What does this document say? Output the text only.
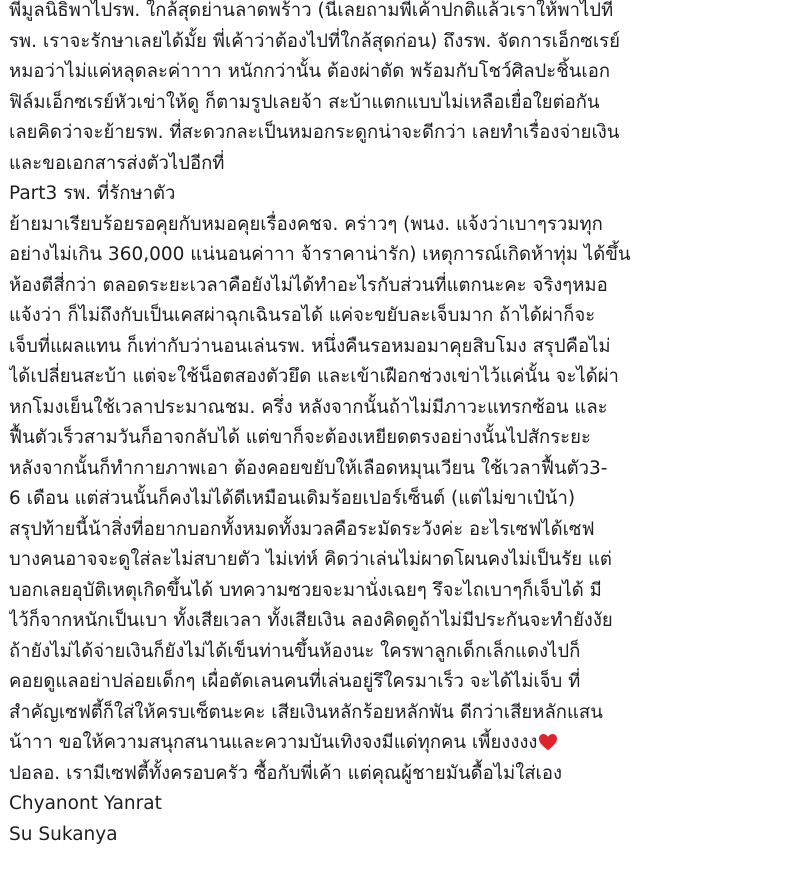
พี่มูลนิธิพาไปรพ. ใกล้สุดย่านลาดพร้าว (นี่เลยถามพี่เค้าปกติแล้วเราให้พาไปที่
รพ. เราจะรักษาเลยได้มั้ย พี่เค้าว่าต้องไปที่ใกล้สุดก่อน) ถึงรพ. จัดการเอ็กซเรย์
หมอว่าไม่แค่หลุดละค่าาาา หนักกว่านั้น ต้องผ่าตัด พร้อมกับโชว์ศิลปะชิ้นเอก
ฟิล์มเอ็กซเรย์หัวเข่าให้ดู ก็ตามรูปเลยจ้า สะบ้าแตกแบบไม่เหลือเยื่อใยต่อกัน
เลยคิดว่าจะย้ายรพ. ที่สะดวกละเป็นหมอกระดูกน่าจะดีกว่า เลยทำเรื่องจ่ายเงิน
และขอเอกสารส่งตัวไปอีกที่
Part3 รพ. ที่รักษาตัว
ย้ายมาเรียบร้อยรอคุยกับหมอคุยเรื่องคชจ. คร่าวๆ (พนง. แจ้งว่าเบาๆรวมทุก
อย่างไม่เกิน 360,000 แน่นอนค่าาา จ้าราคาน่ารัก) เหตุการณ์เกิดห้าทุ่ม ได้ขึ้น
ห้องตีสี่กว่า ตลอดระยะเวลาคือยังไม่ได้ทำอะไรกับส่วนที่แตกนะคะ จริงๆหมอ
แจ้งว่า ก็ไม่ถึงกับเป็นเคสผ่าฉุกเฉินรอได้ แค่จะขยับละเจ็บมาก ถ้าได้ผ่าก็จะ
เจ็บที่แผลแทน ก็เท่ากับว่านอนเล่นรพ. หนึ่งคืนรอหมอมาคุยสิบโมง สรุปคือไม่
ได้เปลี่ยนสะบ้า แต่จะใช้น็อตสองตัวยึด และเข้าเฝือกช่วงเข่าไว้แค่นั้น จะได้ผ่า
หกโมงเย็นใช้เวลาประมาณชม. ครึ่ง หลังจากนั้นถ้าไม่มีภาวะแทรกซ้อน และ
ฟื้นตัวเร็วสามวันก็อาจกลับได้ แต่ขาก็จะต้องเหยียดตรงอย่างนั้นไปสักระยะ
หลังจากนั้นก็ทำกายภาพเอา ต้องคอยขยับให้เลือดหมุนเวียน ใช้เวลาฟื้นตัว3-
6 เดือน แต่ส่วนนั้นก็คงไม่ได้ดีเหมือนเดิมร้อยเปอร์เซ็นต์ (แต่ไม่ขาเป๋น้า)
สรุปท้ายนี้น้าสิ่งที่อยากบอกทั้งหมดทั้งมวลคือระมัดระวังค่ะ อะไรเซฟได้เซฟ
บางคนอาจจะดูใส่ละไม่สบายตัว ไม่เท่ห์ คิดว่าเล่นไม่ผาดโผนคงไม่เป็นรัย แต่
บอกเลยอุบัติเหตุเกิดขึ้นได้ บทความซวยจะมานั่งเฉยๆ รึจะไถเบาๆก็เจ็บได้ มี
ไว้ก็จากหนักเป็นเบา ทั้งเสียเวลา ทั้งเสียเงิน ลองคิดดูถ้าไม่มีประกันจะทำยังงัย
ถ้ายังไม่ได้จ่ายเงินก็ยังไม่ได้เข็นท่านขึ้นห้องนะ ใครพาลูกเด็กเล็กแดงไปก็
คอยดูแลอย่าปล่อยเด็กๆ เผื่อตัดเลนคนที่เล่นอยู่รึใครมาเร็ว จะได้ไม่เจ็บ ที่
สำคัญเซฟตี้ก็ใส่ให้ครบเซ็ตนะคะ เสียเงินหลักร้อยหลักพัน ดีกว่าเสียหลักแสน
น้าาา ขอให้ความสนุกสนานและความบันเทิงจงมีแด่ทุกคน เพี้ยงงงง
ปอลอ. เรามีเซฟตี้ทั้งครอบครัว ซื้อกับพี่เค้า แต่คุณผู้ชายมันดื้อไม่ใส่เอง
Chyanont Yanrat
Su Sukanya
